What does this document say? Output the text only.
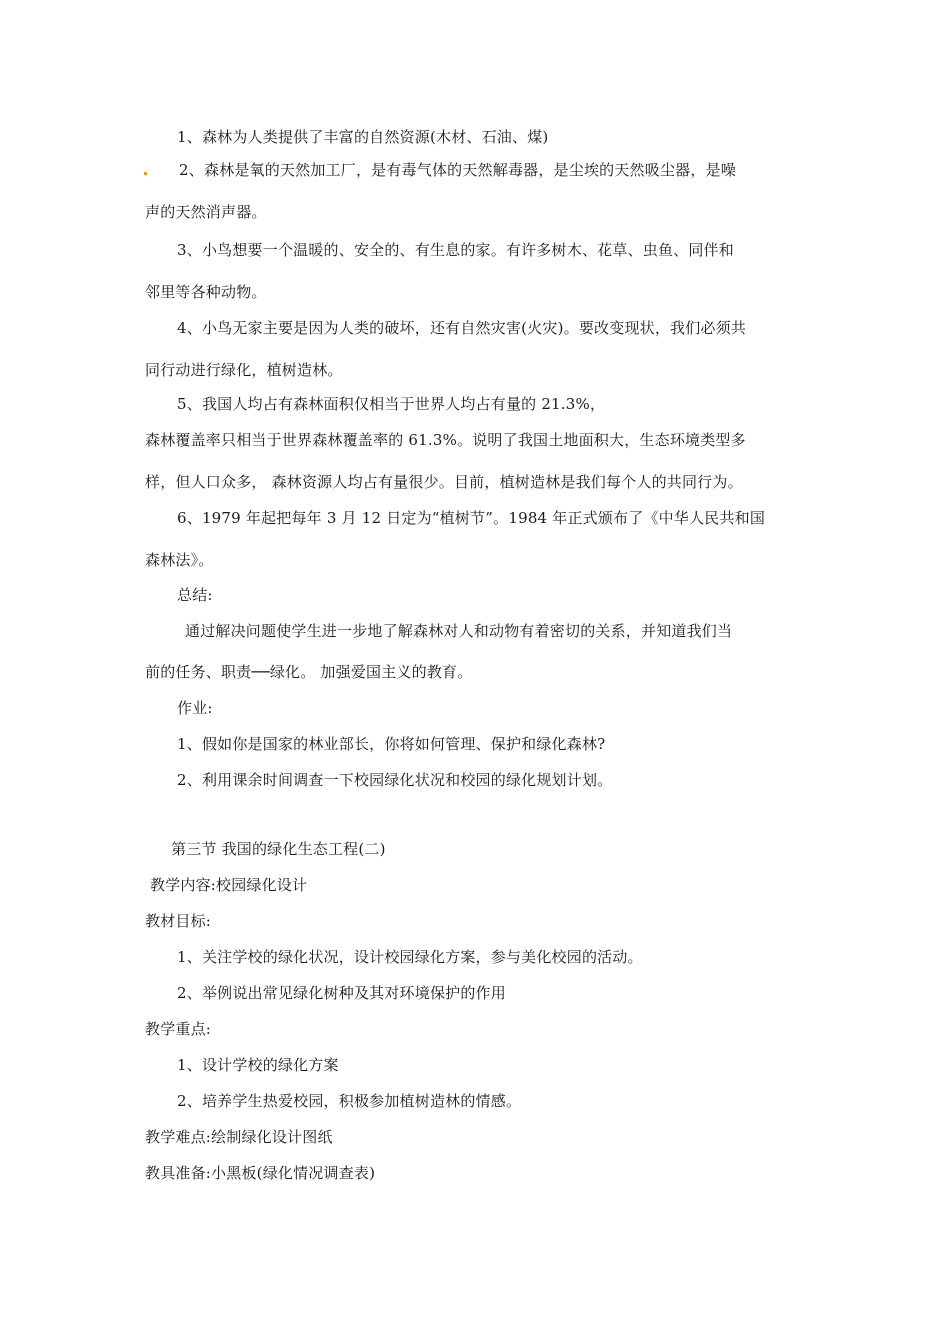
1、森林为人类提供了丰富的自然资源(木材、石油、煤)
2、森林是氧的天然加工厂，是有毒气体的天然解毒器，是尘埃的天然吸尘器，是噪
声的天然消声器。
3、小鸟想要一个温暖的、安全的、有生息的家。有许多树木、花草、虫鱼、同伴和
邻里等各种动物。
4、小鸟无家主要是因为人类的破坏，还有自然灾害(火灾)。要改变现状，我们必须共
同行动进行绿化，植树造林。
5、我国人均占有森林面积仅相当于世界人均占有量的 21.3%，
森林覆盖率只相当于世界森林覆盖率的 61.3%。说明了我国土地面积大，生态环境类型多
样，但人口众多， 森林资源人均占有量很少。目前，植树造林是我们每个人的共同行为。
6、1979 年起把每年 3 月 12 日定为“植树节”。1984 年正式颁布了《中华人民共和国
森林法》。
总结:
通过解决问题使学生进一步地了解森林对人和动物有着密切的关系，并知道我们当
前的任务、职责──绿化。 加强爱国主义的教育。
作业:
1、假如你是国家的林业部长，你将如何管理、保护和绿化森林?
2、利用课余时间调查一下校园绿化状况和校园的绿化规划计划。
第三节 我国的绿化生态工程(二)
教学内容:校园绿化设计
教材目标:
1、关注学校的绿化状况，设计校园绿化方案，参与美化校园的活动。
2、举例说出常见绿化树种及其对环境保护的作用
教学重点:
1、设计学校的绿化方案
2、培养学生热爱校园，积极参加植树造林的情感。
教学难点:绘制绿化设计图纸
教具准备:小黑板(绿化情况调查表)
